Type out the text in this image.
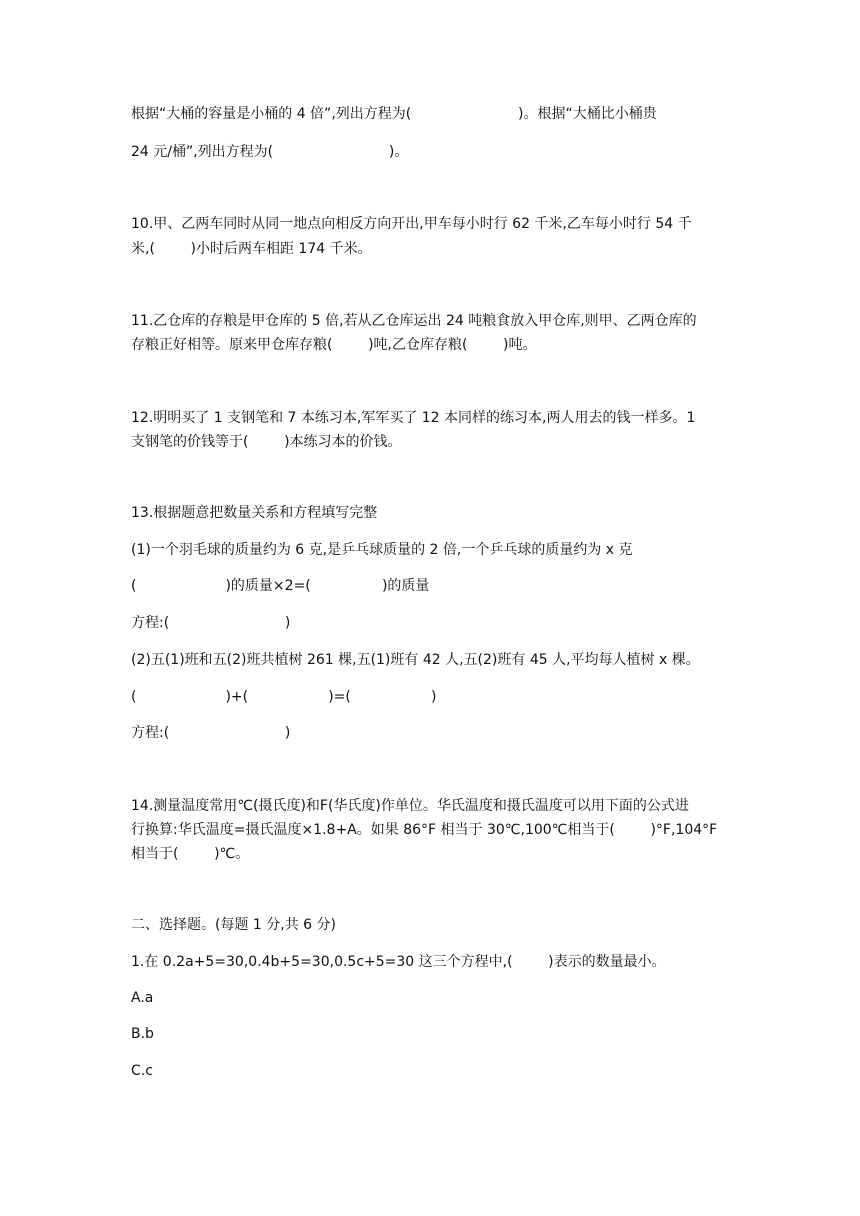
根据“大桶的容量是小桶的 4 倍”,列出方程为(                        )。根据“大桶比小桶贵
24 元/桶”,列出方程为(                          )。
10.甲、乙两车同时从同一地点向相反方向开出,甲车每小时行 62 千米,乙车每小时行 54 千
米,(        )小时后两车相距 174 千米。
11.乙仓库的存粮是甲仓库的 5 倍,若从乙仓库运出 24 吨粮食放入甲仓库,则甲、乙两仓库的
存粮正好相等。原来甲仓库存粮(        )吨,乙仓库存粮(        )吨。
12.明明买了 1 支钢笔和 7 本练习本,军军买了 12 本同样的练习本,两人用去的钱一样多。1
支钢笔的价钱等于(        )本练习本的价钱。
13.根据题意把数量关系和方程填写完整
(1)一个羽毛球的质量约为 6 克,是乒乓球质量的 2 倍,一个乒乓球的质量约为 x 克
(                    )的质量×2=(                )的质量
方程:(                          )
(2)五(1)班和五(2)班共植树 261 棵,五(1)班有 42 人,五(2)班有 45 人,平均每人植树 x 棵。
(                    )+(                  )=(                  )
方程:(                          )
14.测量温度常用℃(摄氏度)和F(华氏度)作单位。华氏温度和摄氏温度可以用下面的公式进
行换算:华氏温度=摄氏温度×1.8+A。如果 86°F 相当于 30℃,100℃相当于(        )°F,104°F
相当于(        )℃。
二、选择题。(每题 1 分,共 6 分)
1.在 0.2a+5=30,0.4b+5=30,0.5c+5=30 这三个方程中,(        )表示的数量最小。
A.a
B.b
C.c
